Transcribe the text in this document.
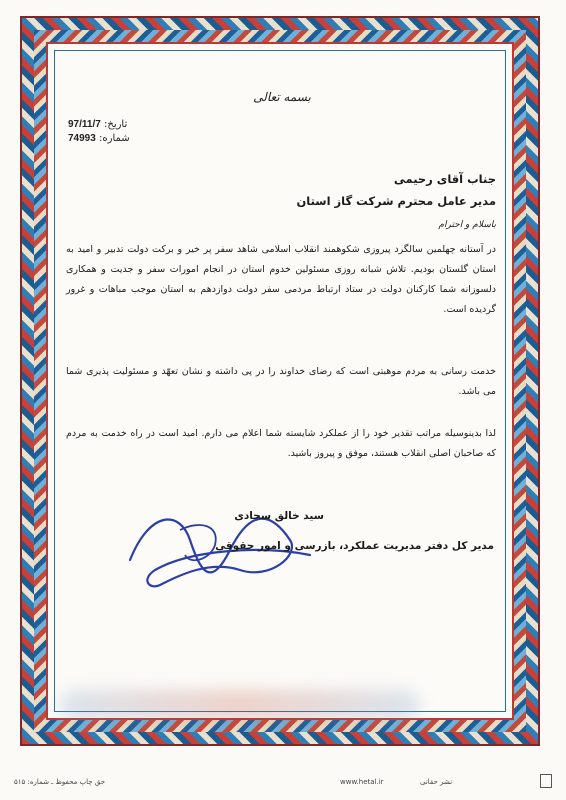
بسمه تعالی
تاریخ: 97/11/7
شماره: 74993
جناب آقای رحیمی
مدیر عامل محترم شرکت گاز استان
باسلام و احترام
در آستانه چهلمین سالگرد پیروزی شکوهمند انقلاب اسلامی شاهد سفر پر خیر و برکت دولت تدبیر و امید به استان گلستان بودیم. تلاش شبانه روزی مسئولین خدوم استان در انجام امورات سفر و جدیت و همکاری دلسوزانه شما کارکنان دولت در ستاد ارتباط مردمی سفر دولت دوازدهم به استان موجب مباهات و غرور گردیده است.
خدمت رسانی به مردم موهبتی است که رضای خداوند را در پی داشته و نشان تعهّد و مسئولیت پذیری شما می باشد.
لذا بدینوسیله مراتب تقدیر خود را از عملکرد شایسته شما اعلام می دارم. امید است در راه خدمت به مردم که صاحبان اصلی انقلاب هستند، موفق و پیروز باشید.
سید خالق سجادی
مدیر کل دفتر مدیریت عملکرد، بازرسی و امور حقوقی
حق چاپ محفوظ ـ شماره: ۵۱۵	www.hetal.ir	نشر حقانی
